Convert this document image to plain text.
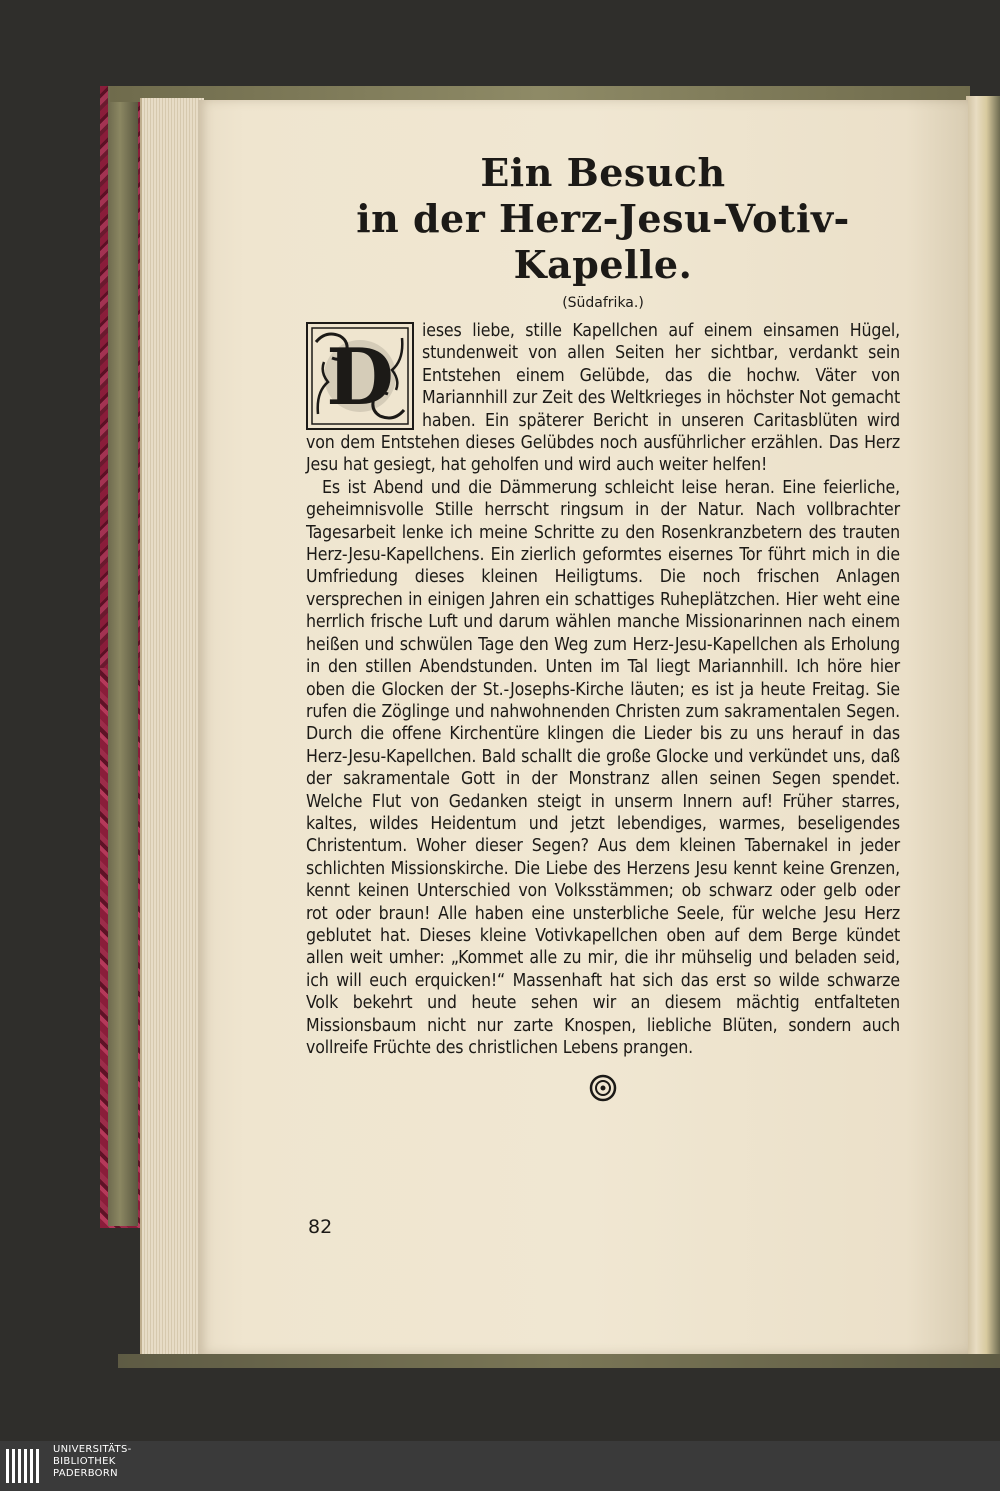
Ein Besuch
in der Herz-Jesu-Votiv-Kapelle.
(Südafrika.)

D
ieses liebe, stille Kapellchen auf einem einsamen Hügel, stundenweit von allen Seiten her sichtbar, verdankt sein Entstehen einem Gelübde, das die hochw. Väter von Mariannhill zur Zeit des Weltkrieges in höchster Not gemacht haben. Ein späterer Bericht in unseren Caritasblüten wird von dem Entstehen dieses Gelübdes noch ausführlicher erzählen. Das Herz Jesu hat gesiegt, hat geholfen und wird auch weiter helfen!

Es ist Abend und die Dämmerung schleicht leise heran. Eine feierliche, geheimnisvolle Stille herrscht ringsum in der Natur. Nach vollbrachter Tagesarbeit lenke ich meine Schritte zu den Rosenkranzbetern des trauten Herz-Jesu-Kapellchens. Ein zierlich geformtes eisernes Tor führt mich in die Umfriedung dieses kleinen Heiligtums. Die noch frischen Anlagen versprechen in einigen Jahren ein schattiges Ruheplätzchen. Hier weht eine herrlich frische Luft und darum wählen manche Missionarinnen nach einem heißen und schwülen Tage den Weg zum Herz-Jesu-Kapellchen als Erholung in den stillen Abendstunden. Unten im Tal liegt Mariannhill. Ich höre hier oben die Glocken der St.-Josephs-Kirche läuten; es ist ja heute Freitag. Sie rufen die Zöglinge und nahwohnenden Christen zum sakramentalen Segen. Durch die offene Kirchentüre klingen die Lieder bis zu uns herauf in das Herz-Jesu-Kapellchen. Bald schallt die große Glocke und verkündet uns, daß der sakramentale Gott in der Monstranz allen seinen Segen spendet. Welche Flut von Gedanken steigt in unserm Innern auf! Früher starres, kaltes, wildes Heidentum und jetzt lebendiges, warmes, beseligendes Christentum. Woher dieser Segen? Aus dem kleinen Tabernakel in jeder schlichten Missionskirche. Die Liebe des Herzens Jesu kennt keine Grenzen, kennt keinen Unterschied von Volksstämmen; ob schwarz oder gelb oder rot oder braun! Alle haben eine unsterbliche Seele, für welche Jesu Herz geblutet hat. Dieses kleine Votivkapellchen oben auf dem Berge kündet allen weit umher: „Kommet alle zu mir, die ihr mühselig und beladen seid, ich will euch erquicken!“ Massenhaft hat sich das erst so wilde schwarze Volk bekehrt und heute sehen wir an diesem mächtig entfalteten Missionsbaum nicht nur zarte Knospen, liebliche Blüten, sondern auch vollreife Früchte des christlichen Lebens prangen.

82
UNIVERSITÄTS-
BIBLIOTHEK
PADERBORN
